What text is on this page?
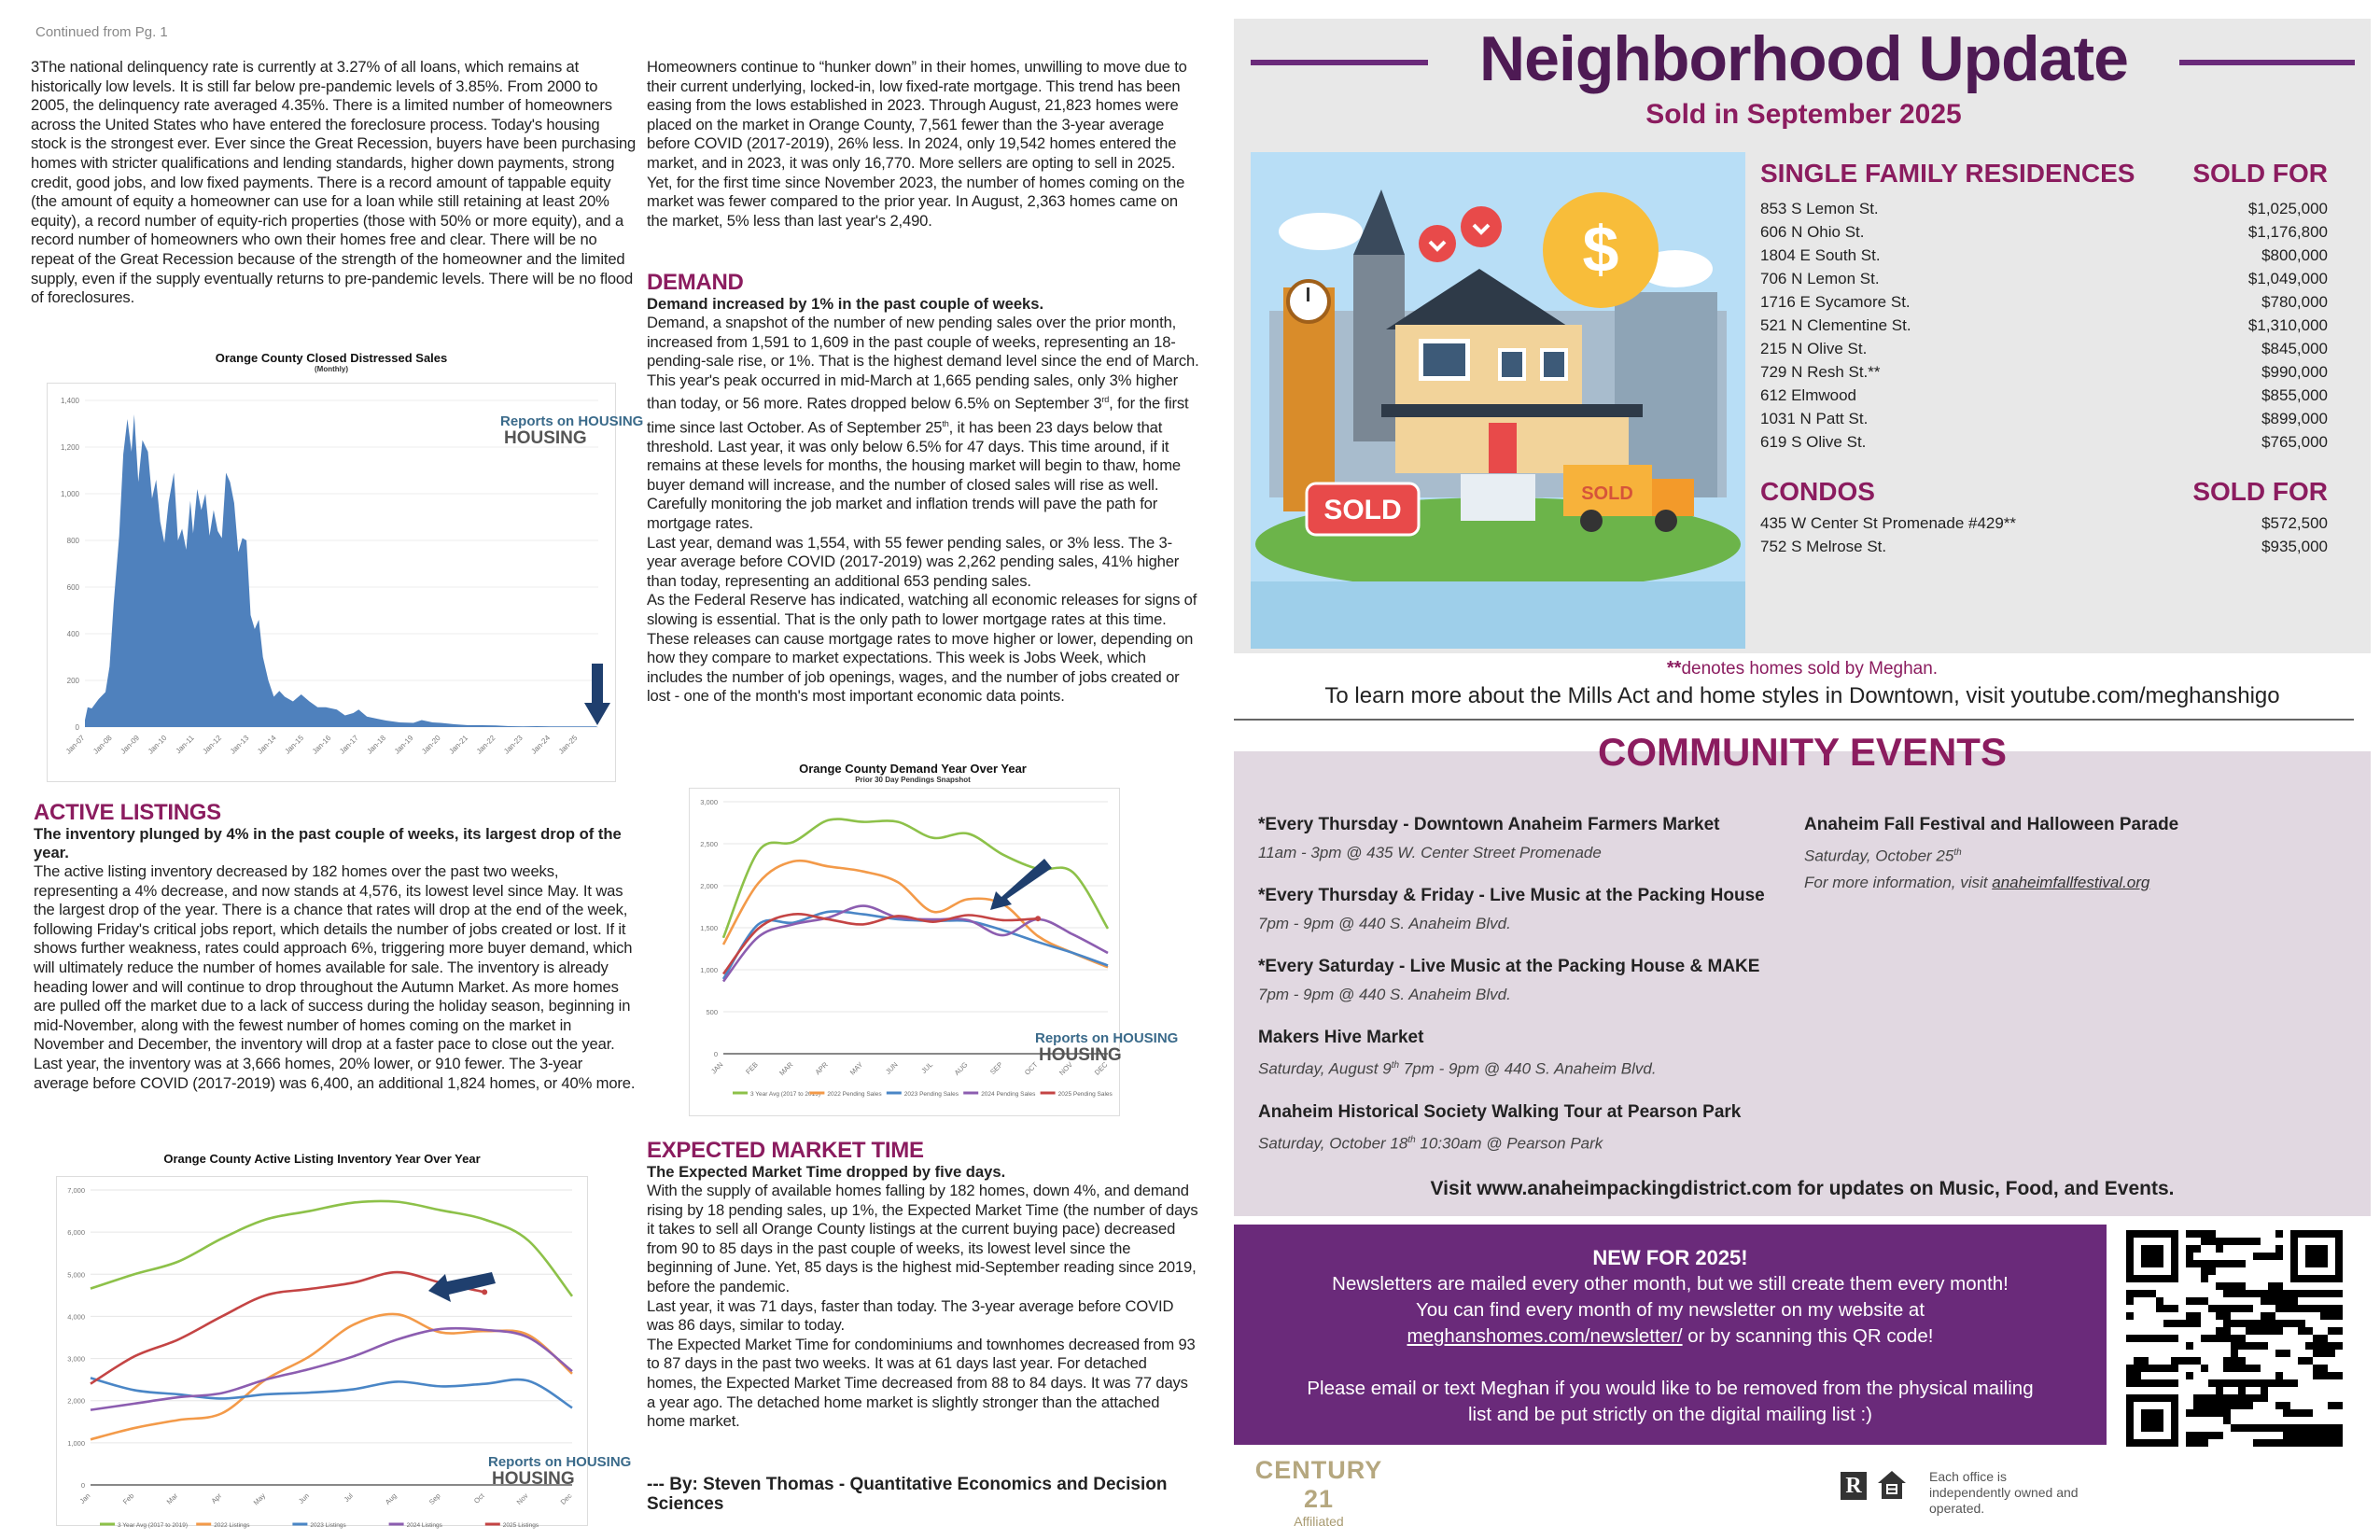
Continued from Pg. 1
3The national delinquency rate is currently at 3.27% of all loans, which remains at historically low levels. It is still far below pre-pandemic levels of 3.85%. From 2000 to 2005, the delinquency rate averaged 4.35%. There is a limited number of homeowners across the United States who have entered the foreclosure process. Today's housing stock is the strongest ever. Ever since the Great Recession, buyers have been purchasing homes with stricter qualifications and lending standards, higher down payments, strong credit, good jobs, and low fixed payments. There is a record amount of tappable equity (the amount of equity a homeowner can use for a loan while still retaining at least 20% equity), a record number of equity-rich properties (those with 50% or more equity), and a record number of homeowners who own their homes free and clear. There will be no repeat of the Great Recession because of the strength of the homeowner and the limited supply, even if the supply eventually returns to pre-pandemic levels. There will be no flood of foreclosures.
Orange County Closed Distressed Sales
(Monthly)
0
200
400
600
800
1,000
1,200
1,400
Jan-07 Jan-08 Jan-09 Jan-10 Jan-11 Jan-12 Jan-13 Jan-14 Jan-15 Jan-16 Jan-17 Jan-18 Jan-19 Jan-20 Jan-21 Jan-22 Jan-23 Jan-24 Jan-25
Reports on HOUSING
HOUSING
ACTIVE LISTINGS
The inventory plunged by 4% in the past couple of weeks, its largest drop of the year.
The active listing inventory decreased by 182 homes over the past two weeks, representing a 4% decrease, and now stands at 4,576, its lowest level since May. It was the largest drop of the year. There is a chance that rates will drop at the end of the week, following Friday's critical jobs report, which details the number of jobs created or lost. If it shows further weakness, rates could approach 6%, triggering more buyer demand, which will ultimately reduce the number of homes available for sale. The inventory is already heading lower and will continue to drop throughout the Autumn Market. As more homes are pulled off the market due to a lack of success during the holiday season, beginning in mid-November, along with the fewest number of homes coming on the market in November and December, the inventory will drop at a faster pace to close out the year.
Last year, the inventory was at 3,666 homes, 20% lower, or 910 fewer. The 3-year average before COVID (2017-2019) was 6,400, an additional 1,824 homes, or 40% more.
Orange County Active Listing Inventory Year Over Year
0
1,000
2,000
3,000
4,000
5,000
6,000
7,000
Jan	Feb	Mar	Apr	May	Jun	Jul	Aug	Sep	Oct	Nov	Dec
3 Year Avg (2017 to 2019)	2022 Listings	2023 Listings	2024 Listings	2025 Listings
Reports on HOUSING
HOUSING
Homeowners continue to “hunker down” in their homes, unwilling to move due to their current underlying, locked-in, low fixed-rate mortgage. This trend has been easing from the lows established in 2023. Through August, 21,823 homes were placed on the market in Orange County, 7,561 fewer than the 3-year average before COVID (2017-2019), 26% less. In 2024, only 19,542 homes entered the market, and in 2023, it was only 16,770. More sellers are opting to sell in 2025. Yet, for the first time since November 2023, the number of homes coming on the market was fewer compared to the prior year. In August, 2,363 homes came on the market, 5% less than last year's 2,490.
DEMAND
Demand increased by 1% in the past couple of weeks.
Demand, a snapshot of the number of new pending sales over the prior month, increased from 1,591 to 1,609 in the past couple of weeks, representing an 18-pending-sale rise, or 1%. That is the highest demand level since the end of March. This year's peak occurred in mid-March at 1,665 pending sales, only 3% higher than today, or 56 more. Rates dropped below 6.5% on September 3rd, for the first time since last October. As of September 25th, it has been 23 days below that threshold. Last year, it was only below 6.5% for 47 days. This time around, if it remains at these levels for months, the housing market will begin to thaw, home buyer demand will increase, and the number of closed sales will rise as well. Carefully monitoring the job market and inflation trends will pave the path for mortgage rates.
Last year, demand was 1,554, with 55 fewer pending sales, or 3% less. The 3-year average before COVID (2017-2019) was 2,262 pending sales, 41% higher than today, representing an additional 653 pending sales.
As the Federal Reserve has indicated, watching all economic releases for signs of slowing is essential. That is the only path to lower mortgage rates at this time. These releases can cause mortgage rates to move higher or lower, depending on how they compare to market expectations. This week is Jobs Week, which includes the number of job openings, wages, and the number of jobs created or lost - one of the month's most important economic data points.
Orange County Demand Year Over Year
Prior 30 Day Pendings Snapshot
0
500
1,000
1,500
2,000
2,500
3,000
JAN	FEB	MAR	APR	MAY	JUN	JUL	AUG	SEP	OCT	NOV	DEC
3 Year Avg (2017 to 2019) 2022 Pending Sales	2023 Pending Sales	2024 Pending Sales	2025 Pending Sales
Reports on HOUSING
HOUSING
EXPECTED MARKET TIME
The Expected Market Time dropped by five days.
With the supply of available homes falling by 182 homes, down 4%, and demand rising by 18 pending sales, up 1%, the Expected Market Time (the number of days it takes to sell all Orange County listings at the current buying pace) decreased from 90 to 85 days in the past couple of weeks, its lowest level since the beginning of June. Yet, 85 days is the highest mid-September reading since 2019, before the pandemic.
Last year, it was 71 days, faster than today. The 3-year average before COVID was 86 days, similar to today.
The Expected Market Time for condominiums and townhomes decreased from 93 to 87 days in the past two weeks. It was at 61 days last year. For detached homes, the Expected Market Time decreased from 88 to 84 days. It was 77 days a year ago. The detached home market is slightly stronger than the attached home market.
--- By: Steven Thomas - Quantitative Economics and Decision Sciences
Neighborhood Update
Sold in September 2025
$
SOLD
SOLD
SINGLE FAMILY RESIDENCES SOLD FOR
853 S Lemon St.	$1,025,000
606 N Ohio St.	$1,176,800
1804 E South St.	$800,000
706 N Lemon St.	$1,049,000
1716 E Sycamore St.	$780,000
521 N Clementine St.	$1,310,000
215 N Olive St.	$845,000
729 N Resh St.**	$990,000
612 Elmwood	$855,000
1031 N Patt St.	$899,000
619 S Olive St.	$765,000
CONDOS	SOLD FOR
435 W Center St Promenade #429**	$572,500
752 S Melrose St.	$935,000
**denotes homes sold by Meghan.
To learn more about the Mills Act and home styles in Downtown, visit youtube.com/meghanshigo
COMMUNITY EVENTS
*Every Thursday - Downtown Anaheim Farmers Market
11am - 3pm @ 435 W. Center Street Promenade
*Every Thursday & Friday - Live Music at the Packing House
7pm - 9pm @ 440 S. Anaheim Blvd.
*Every Saturday - Live Music at the Packing House & MAKE
7pm - 9pm @ 440 S. Anaheim Blvd.
Makers Hive Market
Saturday, August 9th 7pm - 9pm @ 440 S. Anaheim Blvd.
Anaheim Historical Society Walking Tour at Pearson Park
Saturday, October 18th 10:30am @ Pearson Park
Anaheim Fall Festival and Halloween Parade
Saturday, October 25th
For more information, visit anaheimfallfestival.org
Visit www.anaheimpackingdistrict.com for updates on Music, Food, and Events.
NEW FOR 2025!
Newsletters are mailed every other month, but we still create them every month!
You can find every month of my newsletter on my website at
meghanshomes.com/newsletter/ or by scanning this QR code!
Please email or text Meghan if you would like to be removed from the physical mailing list and be put strictly on the digital mailing list :)
CENTURY 21
Affiliated
R	Each office is independently owned and operated.
